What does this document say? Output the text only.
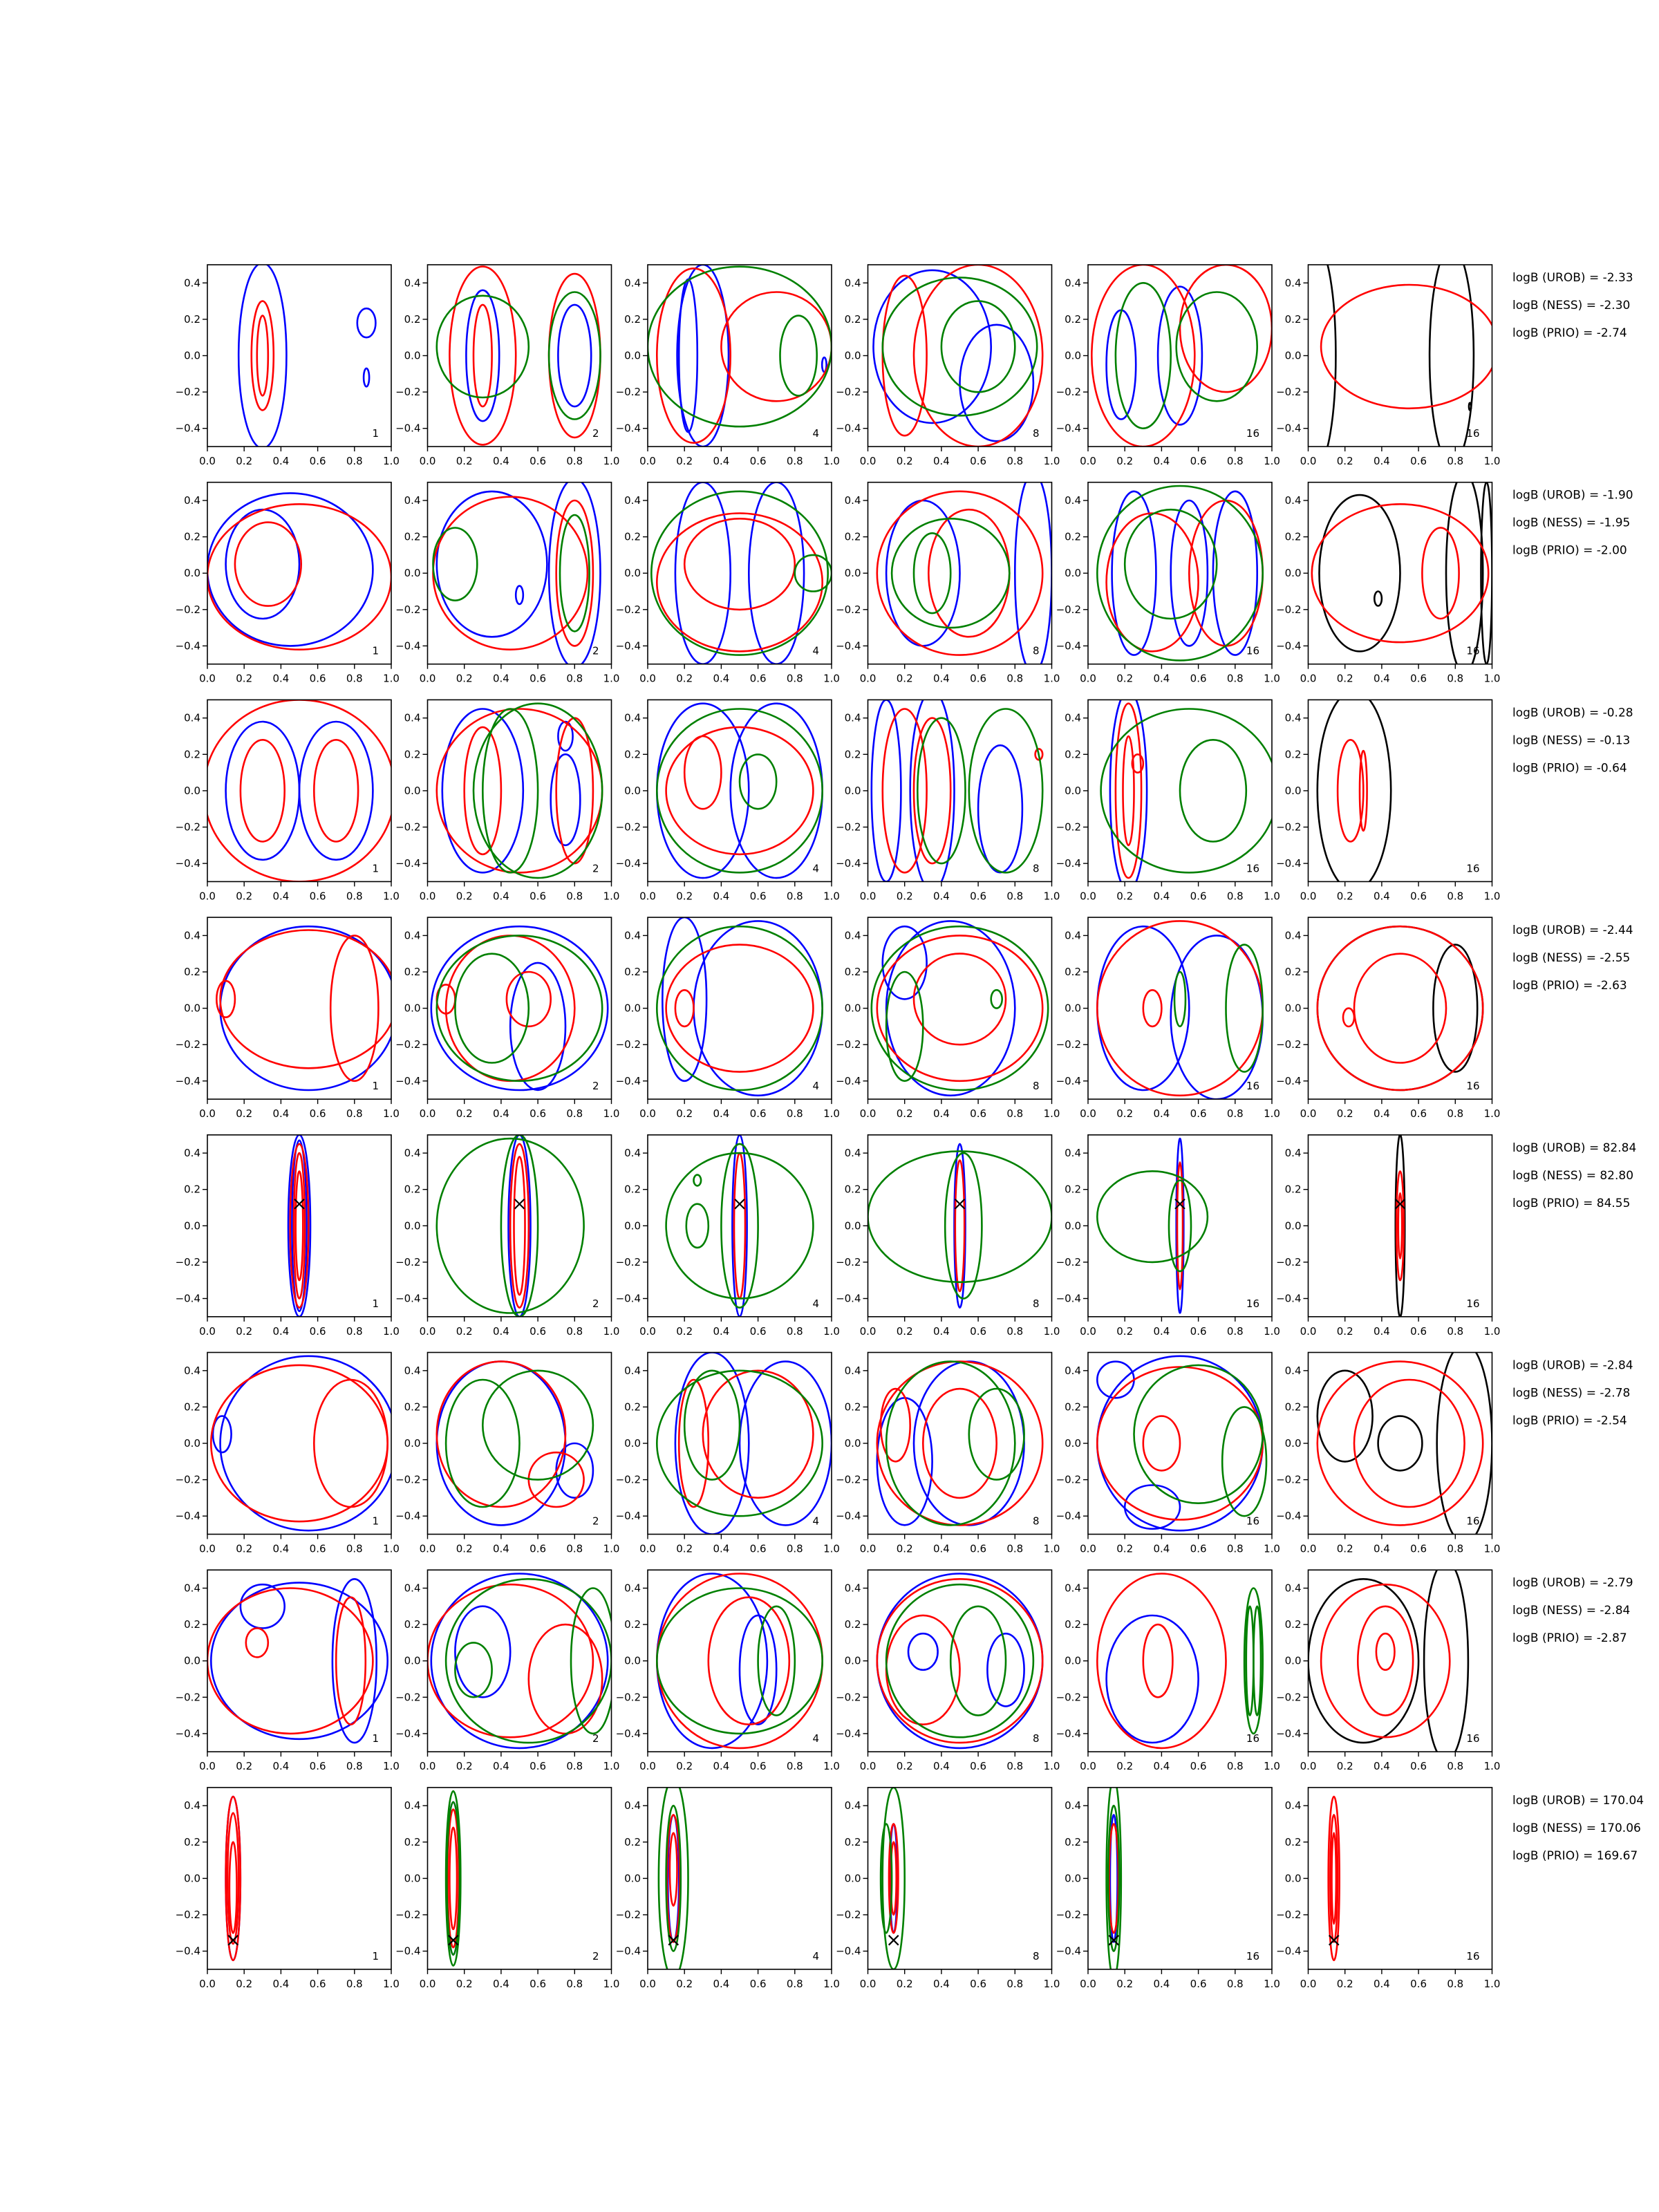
0.0 0.2 0.4 0.6 0.8 1.0
0.4
0.2
0.0
−0.2
−0.4	1
0.0 0.2 0.4 0.6 0.8 1.0
0.4
0.2
0.0
−0.2
−0.4	2
0.0 0.2 0.4 0.6 0.8 1.0
0.4
0.2
0.0
−0.2
−0.4	4
0.0 0.2 0.4 0.6 0.8 1.0
0.4
0.2
0.0
−0.2
−0.4	8
0.0 0.2 0.4 0.6 0.8 1.0
0.4
0.2
0.0
−0.2
−0.4	16
0.0 0.2 0.4 0.6 0.8 1.0
0.4
0.2
0.0
−0.2
−0.4	16
logB (UROB) = -2.33
logB (NESS) = -2.30
logB (PRIO) = -2.74
0.0 0.2 0.4 0.6 0.8 1.0
0.4
0.2
0.0
−0.2
−0.4	1
0.0 0.2 0.4 0.6 0.8 1.0
0.4
0.2
0.0
−0.2
−0.4	2
0.0 0.2 0.4 0.6 0.8 1.0
0.4
0.2
0.0
−0.2
−0.4	4
0.0 0.2 0.4 0.6 0.8 1.0
0.4
0.2
0.0
−0.2
−0.4	8
0.0 0.2 0.4 0.6 0.8 1.0
0.4
0.2
0.0
−0.2
−0.4	16
0.0 0.2 0.4 0.6 0.8 1.0
0.4
0.2
0.0
−0.2
−0.4	16
logB (UROB) = -1.90
logB (NESS) = -1.95
logB (PRIO) = -2.00
0.0 0.2 0.4 0.6 0.8 1.0
0.4
0.2
0.0
−0.2
−0.4	1
0.0 0.2 0.4 0.6 0.8 1.0
0.4
0.2
0.0
−0.2
−0.4	2
0.0 0.2 0.4 0.6 0.8 1.0
0.4
0.2
0.0
−0.2
−0.4	4
0.0 0.2 0.4 0.6 0.8 1.0
0.4
0.2
0.0
−0.2
−0.4	8
0.0 0.2 0.4 0.6 0.8 1.0
0.4
0.2
0.0
−0.2
−0.4	16
0.0 0.2 0.4 0.6 0.8 1.0
0.4
0.2
0.0
−0.2
−0.4	16
logB (UROB) = -0.28
logB (NESS) = -0.13
logB (PRIO) = -0.64
0.0 0.2 0.4 0.6 0.8 1.0
0.4
0.2
0.0
−0.2
−0.4	1
0.0 0.2 0.4 0.6 0.8 1.0
0.4
0.2
0.0
−0.2
−0.4	2
0.0 0.2 0.4 0.6 0.8 1.0
0.4
0.2
0.0
−0.2
−0.4	4
0.0 0.2 0.4 0.6 0.8 1.0
0.4
0.2
0.0
−0.2
−0.4	8
0.0 0.2 0.4 0.6 0.8 1.0
0.4
0.2
0.0
−0.2
−0.4	16
0.0 0.2 0.4 0.6 0.8 1.0
0.4
0.2
0.0
−0.2
−0.4	16
logB (UROB) = -2.44
logB (NESS) = -2.55
logB (PRIO) = -2.63
0.0 0.2 0.4 0.6 0.8 1.0
0.4
0.2
0.0
−0.2
−0.4	1
0.0 0.2 0.4 0.6 0.8 1.0
0.4
0.2
0.0
−0.2
−0.4	2
0.0 0.2 0.4 0.6 0.8 1.0
0.4
0.2
0.0
−0.2
−0.4	4
0.0 0.2 0.4 0.6 0.8 1.0
0.4
0.2
0.0
−0.2
−0.4	8
0.0 0.2 0.4 0.6 0.8 1.0
0.4
0.2
0.0
−0.2
−0.4	16
0.0 0.2 0.4 0.6 0.8 1.0
0.4
0.2
0.0
−0.2
−0.4	16
logB (UROB) = 82.84
logB (NESS) = 82.80
logB (PRIO) = 84.55
0.0 0.2 0.4 0.6 0.8 1.0
0.4
0.2
0.0
−0.2
−0.4	1
0.0 0.2 0.4 0.6 0.8 1.0
0.4
0.2
0.0
−0.2
−0.4	2
0.0 0.2 0.4 0.6 0.8 1.0
0.4
0.2
0.0
−0.2
−0.4	4
0.0 0.2 0.4 0.6 0.8 1.0
0.4
0.2
0.0
−0.2
−0.4	8
0.0 0.2 0.4 0.6 0.8 1.0
0.4
0.2
0.0
−0.2
−0.4	16
0.0 0.2 0.4 0.6 0.8 1.0
0.4
0.2
0.0
−0.2
−0.4	16
logB (UROB) = -2.84
logB (NESS) = -2.78
logB (PRIO) = -2.54
0.0 0.2 0.4 0.6 0.8 1.0
0.4
0.2
0.0
−0.2
−0.4	1
0.0 0.2 0.4 0.6 0.8 1.0
0.4
0.2
0.0
−0.2
−0.4	2
0.0 0.2 0.4 0.6 0.8 1.0
0.4
0.2
0.0
−0.2
−0.4	4
0.0 0.2 0.4 0.6 0.8 1.0
0.4
0.2
0.0
−0.2
−0.4	8
0.0 0.2 0.4 0.6 0.8 1.0
0.4
0.2
0.0
−0.2
−0.4	16
0.0 0.2 0.4 0.6 0.8 1.0
0.4
0.2
0.0
−0.2
−0.4	16
logB (UROB) = -2.79
logB (NESS) = -2.84
logB (PRIO) = -2.87
0.0 0.2 0.4 0.6 0.8 1.0
0.4
0.2
0.0
−0.2
−0.4	1
0.0 0.2 0.4 0.6 0.8 1.0
0.4
0.2
0.0
−0.2
−0.4	2
0.0 0.2 0.4 0.6 0.8 1.0
0.4
0.2
0.0
−0.2
−0.4	4
0.0 0.2 0.4 0.6 0.8 1.0
0.4
0.2
0.0
−0.2
−0.4	8
0.0 0.2 0.4 0.6 0.8 1.0
0.4
0.2
0.0
−0.2
−0.4	16
0.0 0.2 0.4 0.6 0.8 1.0
0.4
0.2
0.0
−0.2
−0.4	16
logB (UROB) = 170.04
logB (NESS) = 170.06
logB (PRIO) = 169.67
